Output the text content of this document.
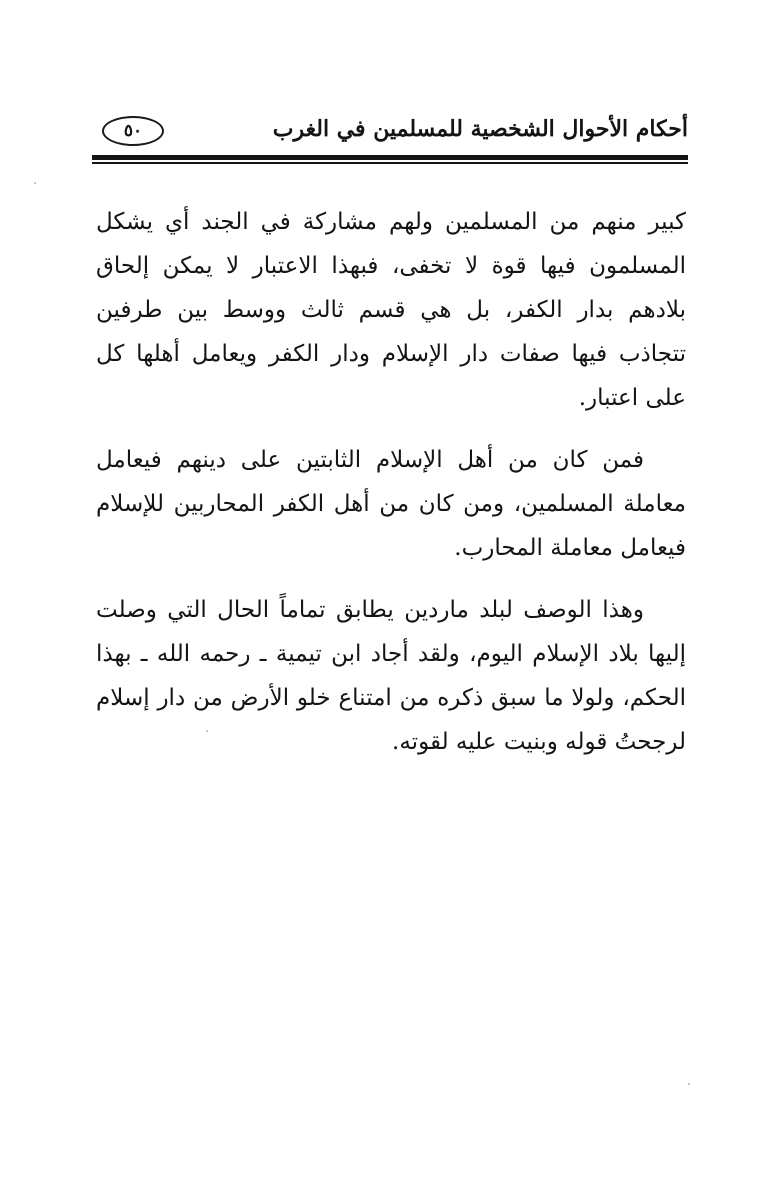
أحكام الأحوال الشخصية للمسلمين في الغرب
٥٠

كبير منهم من المسلمين ولهم مشاركة في الجند أي يشكل المسلمون فيها قوة لا تخفى، فبهذا الاعتبار لا يمكن إلحاق بلادهم بدار الكفر، بل هي قسم ثالث ووسط بين طرفين تتجاذب فيها صفات دار الإسلام ودار الكفر ويعامل أهلها كل على اعتبار.

فمن كان من أهل الإسلام الثابتين على دينهم فيعامل معاملة المسلمين، ومن كان من أهل الكفر المحاربين للإسلام فيعامل معاملة المحارب.

وهذا الوصف لبلد ماردين يطابق تماماً الحال التي وصلت إليها بلاد الإسلام اليوم، ولقد أجاد ابن تيمية ـ رحمه الله ـ بهذا الحكم، ولولا ما سبق ذكره من امتناع خلو الأرض من دار إسلام لرجحتُ قوله وبنيت عليه لقوته.
